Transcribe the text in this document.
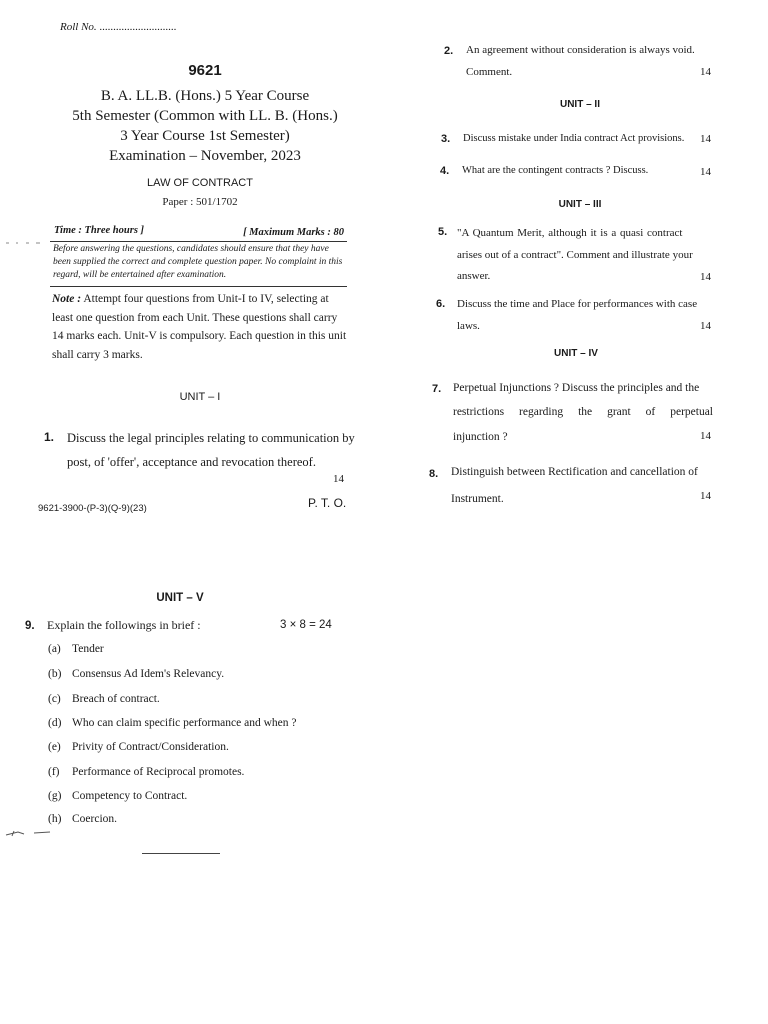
Roll No. ............................
9621
B. A. LL.B. (Hons.) 5 Year Course
5th Semester (Common with LL. B. (Hons.)
3 Year Course 1st Semester)
Examination – November, 2023
LAW OF CONTRACT
Paper : 501/1702
Time : Three hours ]	[ Maximum Marks : 80
Before answering the questions, candidates should ensure that they have been supplied the correct and complete question paper. No complaint in this regard, will be entertained after examination.
Note : Attempt four questions from Unit-I to IV, selecting at least one question from each Unit. These questions shall carry 14 marks each. Unit-V is compulsory. Each question in this unit shall carry 3 marks.
UNIT – I
1. Discuss the legal principles relating to communication by post, of 'offer', acceptance and revocation thereof.
14
P. T. O.
9621-3900-(P-3)(Q-9)(23)
2. An agreement without consideration is always void.
Comment.	14
UNIT – II
3. Discuss mistake under India contract Act provisions. 14
4. What are the contingent contracts ? Discuss.	14
UNIT – III
5. "A Quantum Merit, although it is a quasi contract
arises out of a contract". Comment and illustrate your
answer.	14
6. Discuss the time and Place for performances with case
laws.	14
UNIT – IV
7. Perpetual Injunctions ? Discuss the principles and the
restrictions regarding the grant of perpetual
injunction ?	14
8. Distinguish between Rectification and cancellation of
Instrument.	14
UNIT – V
9. Explain the followings in brief :	3 × 8 = 24
(a) Tender
(b) Consensus Ad Idem's Relevancy.
(c) Breach of contract.
(d) Who can claim specific performance and when ?
(e) Privity of Contract/Consideration.
(f) Performance of Reciprocal promotes.
(g) Competency to Contract.
(h) Coercion.
